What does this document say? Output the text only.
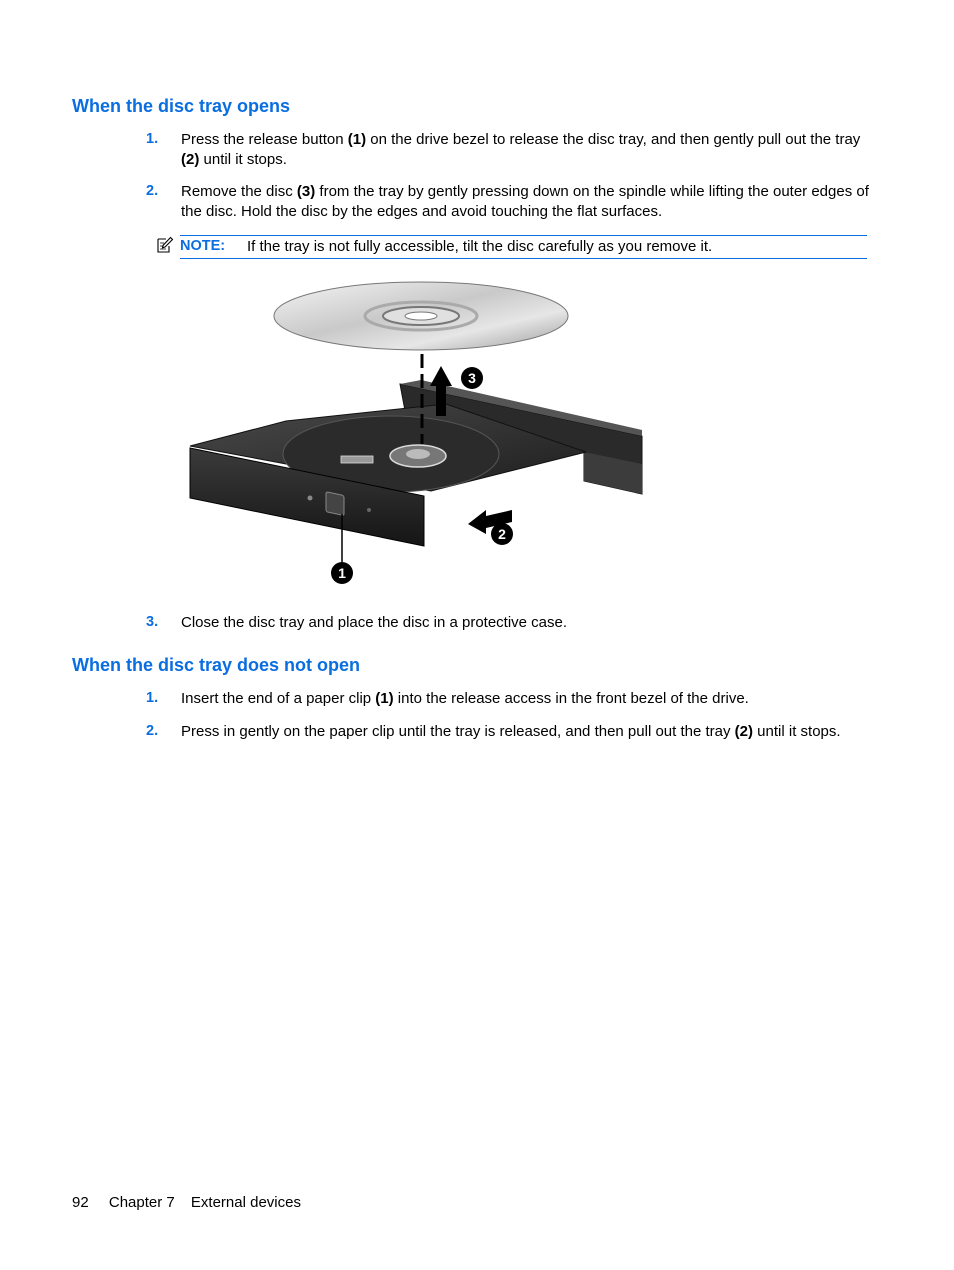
When the disc tray opens
1.	Press the release button (1) on the drive bezel to release the disc tray, and then gently pull out the tray (2) until it stops.
2.	Remove the disc (3) from the tray by gently pressing down on the spindle while lifting the outer edges of the disc. Hold the disc by the edges and avoid touching the flat surfaces.
NOTE: If the tray is not fully accessible, tilt the disc carefully as you remove it.
1
2
3
3.	Close the disc tray and place the disc in a protective case.
When the disc tray does not open
1.	Insert the end of a paper clip (1) into the release access in the front bezel of the drive.
2.	Press in gently on the paper clip until the tray is released, and then pull out the tray (2) until it stops.
92 Chapter 7 External devices
